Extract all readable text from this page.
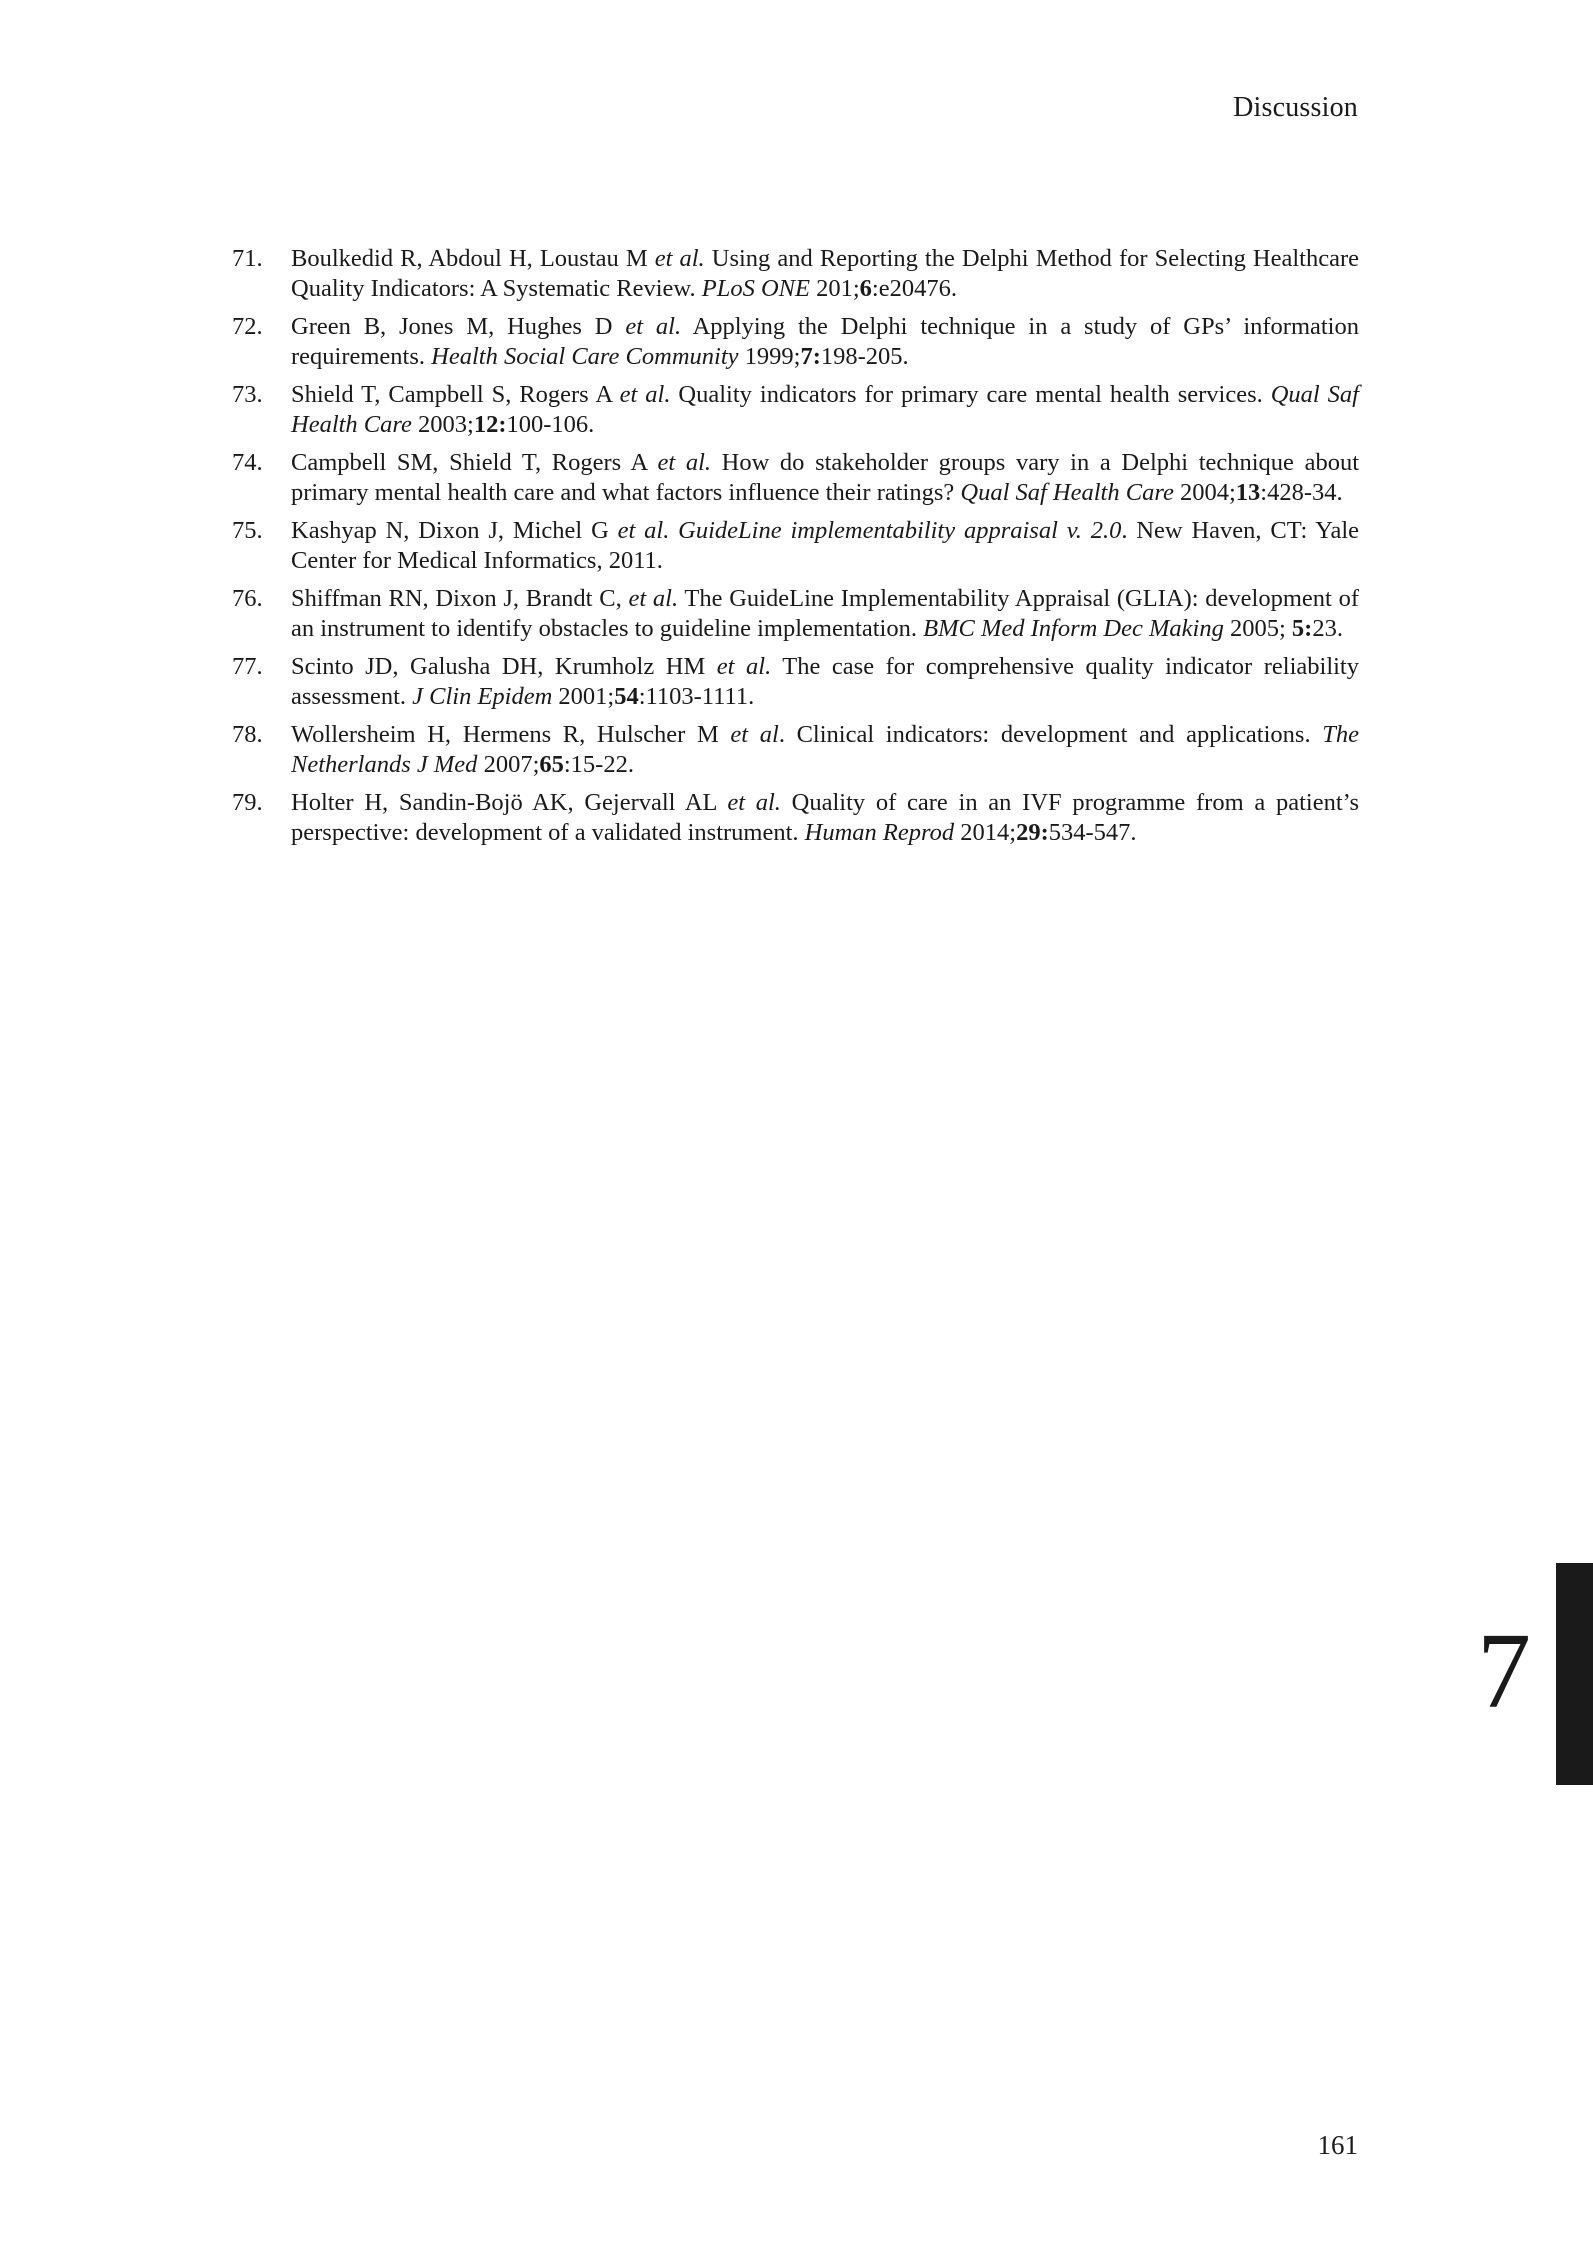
Discussion
71.	Boulkedid R, Abdoul H, Loustau M et al. Using and Reporting the Delphi Method for Selecting Healthcare Quality Indicators: A Systematic Review. PLoS ONE 201;6:e20476.
72.	Green B, Jones M, Hughes D et al. Applying the Delphi technique in a study of GPs’ information requirements. Health Social Care Community 1999;7:198-205.
73.	Shield T, Campbell S, Rogers A et al. Quality indicators for primary care mental health services. Qual Saf Health Care 2003;12:100-106.
74.	Campbell SM, Shield T, Rogers A et al. How do stakeholder groups vary in a Delphi technique about primary mental health care and what factors influence their ratings? Qual Saf Health Care 2004;13:428-34.
75.	Kashyap N, Dixon J, Michel G et al. GuideLine implementability appraisal v. 2.0. New Haven, CT: Yale Center for Medical Informatics, 2011.
76.	Shiffman RN, Dixon J, Brandt C, et al. The GuideLine Implementability Appraisal (GLIA): development of an instrument to identify obstacles to guideline implementation. BMC Med Inform Dec Making 2005; 5:23.
77.	Scinto JD, Galusha DH, Krumholz HM et al. The case for comprehensive quality indicator reliability assessment. J Clin Epidem 2001;54:1103-1111.
78.	Wollersheim H, Hermens R, Hulscher M et al. Clinical indicators: development and applications. The Netherlands J Med 2007;65:15-22.
79.	Holter H, Sandin-Bojö AK, Gejervall AL et al. Quality of care in an IVF programme from a patient’s perspective: development of a validated instrument. Human Reprod 2014;29:534-547.
7
161
